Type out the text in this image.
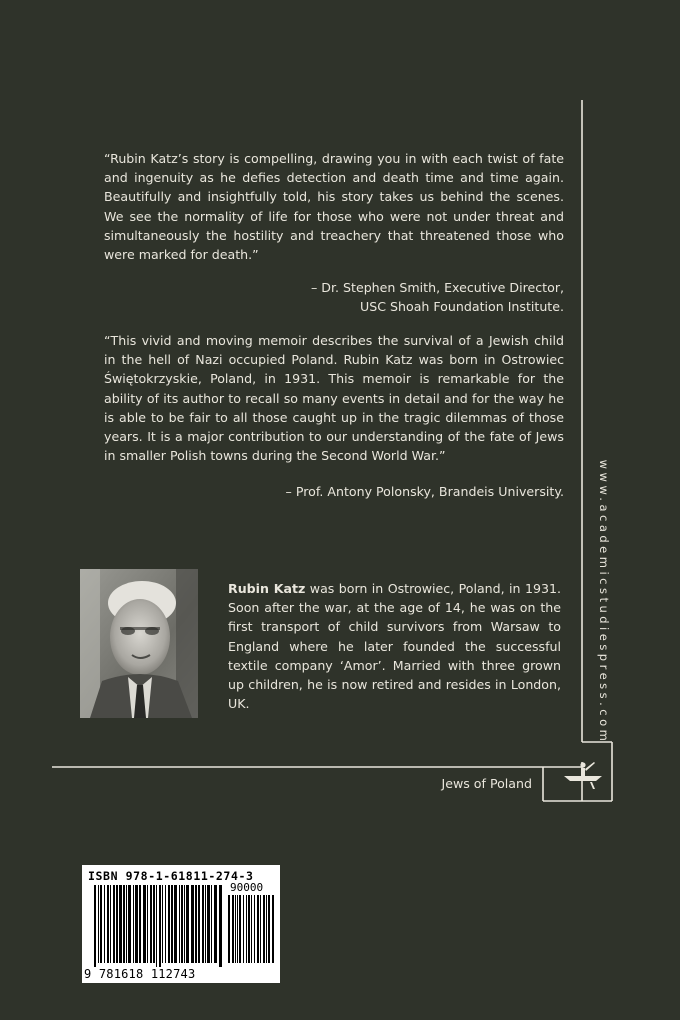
“Rubin Katz’s story is compelling, drawing you in with each twist of fate and ingenuity as he defies detection and death time and time again. Beautifully and insightfully told, his story takes us behind the scenes. We see the normality of life for those who were not under threat and simultaneously the hostility and treachery that threatened those who were marked for death.”

– Dr. Stephen Smith, Executive Director,
USC Shoah Foundation Institute.

“This vivid and moving memoir describes the survival of a Jewish child in the hell of Nazi occupied Poland. Rubin Katz was born in Ostrowiec Świętokrzyskie, Poland, in 1931. This memoir is remarkable for the ability of its author to recall so many events in detail and for the way he is able to be fair to all those caught up in the tragic dilemmas of those years. It is a major contribution to our understanding of the fate of Jews in smaller Polish towns during the Second World War.”

– Prof. Antony Polonsky, Brandeis University.

Rubin Katz was born in Ostrowiec, Poland, in 1931. Soon after the war, at the age of 14, he was on the first transport of child survivors from Warsaw to England where he later founded the successful textile company ‘Amor’. Married with three grown up children, he is now retired and resides in London, UK.	www.academicstudiespress.com

Jews of Poland

ISBN 978-1-61811-274-3
90000
9 781618 112743
